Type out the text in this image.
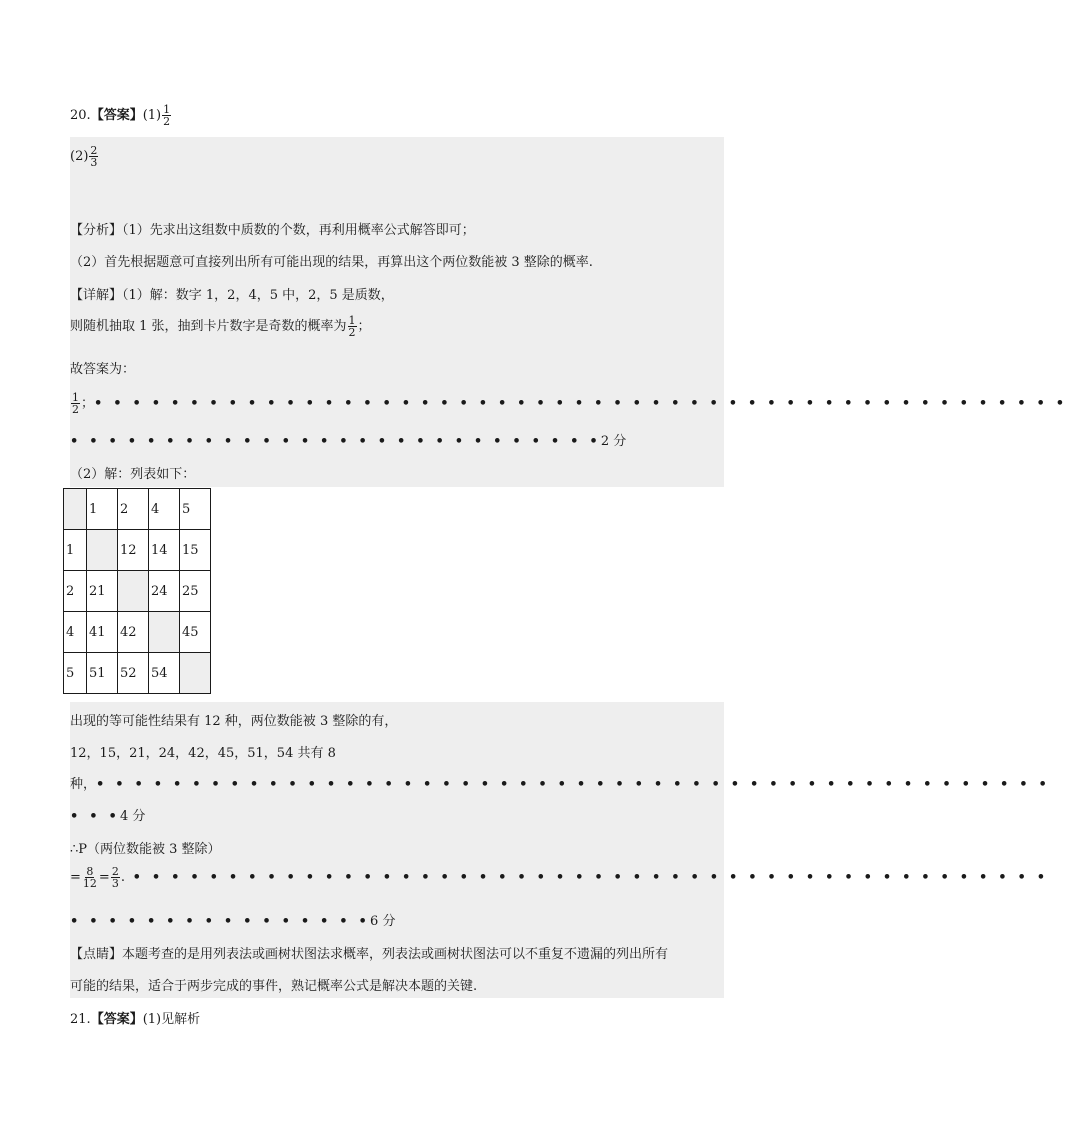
20.【答案】$(1) \frac{1}{2}$
$(2) \frac{2}{3}$
【分析】（1）先求出这组数中质数的个数，再利用概率公式解答即可；
（2）首先根据题意可直接列出所有可能出现的结果，再算出这个两位数能被 3 整除的概率.
【详解】（1）解：数字 1，2，4，5 中，2，5 是质数，
则随机抽取 1 张，抽到卡片数字是奇数的概率为 $\frac{1}{2}$ ；
故答案为：
$\frac{1}{2}$ ；• • • • • • • • • • • • • • • • • • • • • • • • • • • • • • • • • • • • • • • • • • • • • • • • • • •
• • • • • • • • • • • • • • • • • • • • • • • • • • • •2 分
（2）解：列表如下：
	1	2	4	5
1		12	14	15
2	21		24	25
4	41	42		45
5	51	52	54	
出现的等可能性结果有 12 种，两位数能被 3 整除的有，
12，15，21，24，42，45，51，54 共有 8
种，• • • • • • • • • • • • • • • • • • • • • • • • • • • • • • • • • • • • • • • • • • • • • • • • • •
• • •4 分
∴P（两位数能被 3 整除）
= $\frac{8}{12} = \frac{2}{3}$ . • • • • • • • • • • • • • • • • • • • • • • • • • • • • • • • • • • • • • • • • • • • • • • • •
• • • • • • • • • • • • • • • •6 分
【点睛】本题考查的是用列表法或画树状图法求概率，列表法或画树状图法可以不重复不遗漏的列出所有
可能的结果，适合于两步完成的事件，熟记概率公式是解决本题的关键.
21.【答案】(1)见解析
